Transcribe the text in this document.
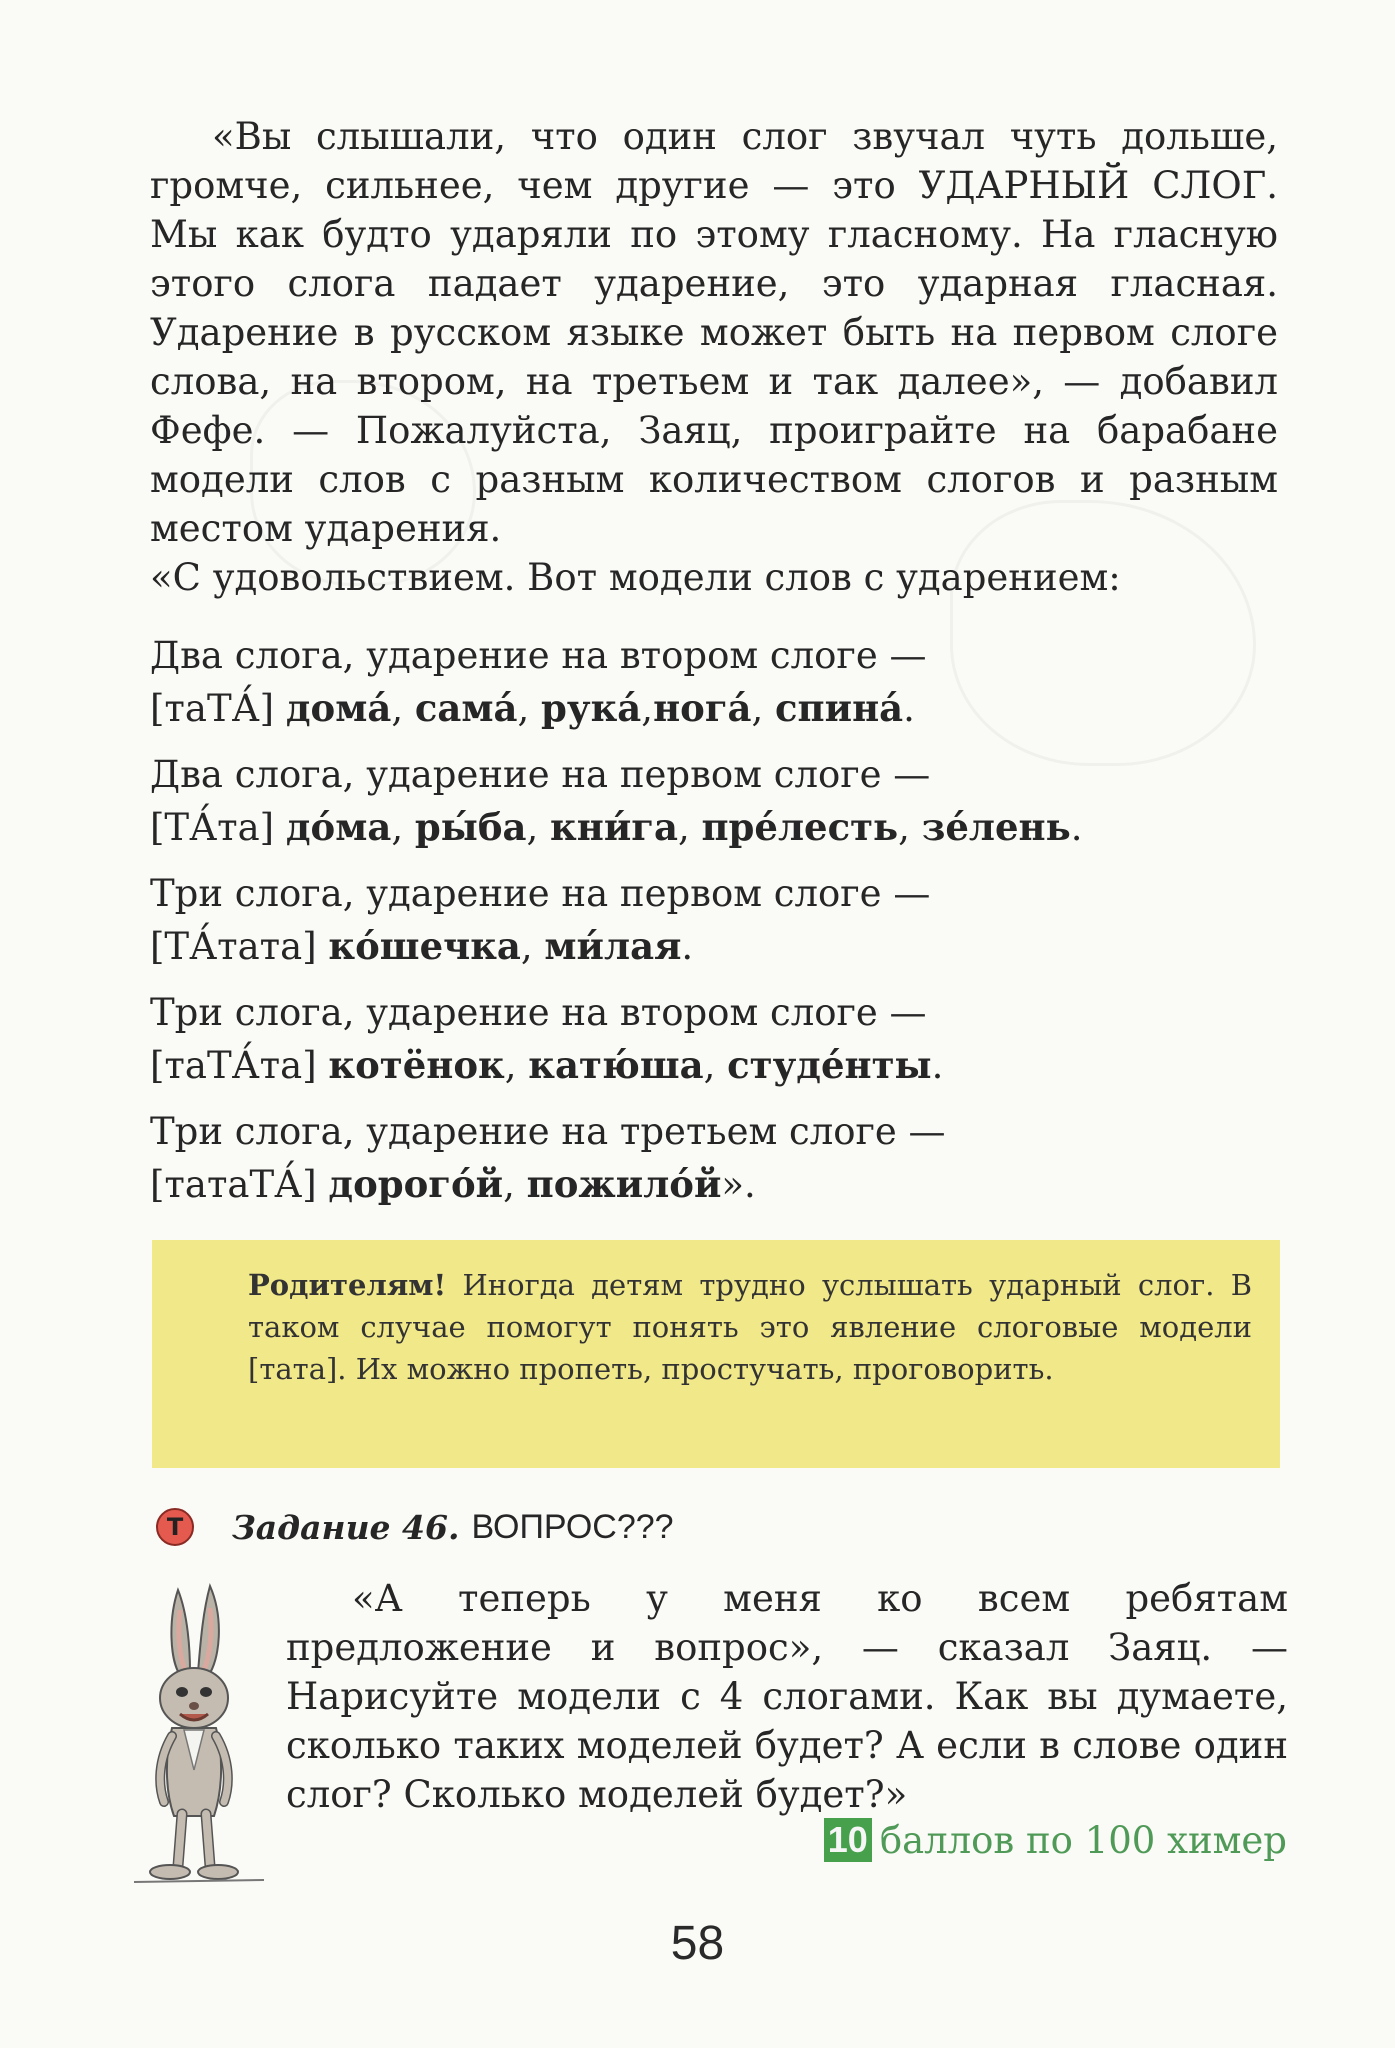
«Вы слышали, что один слог звучал чуть дольше, громче, сильнее, чем другие — это УДАРНЫЙ СЛОГ. Мы как будто ударяли по этому гласному. На гласную этого слога падает ударение, это ударная гласная. Ударение в русском языке может быть на первом слоге слова, на втором, на третьем и так далее», — добавил Фефе. — Пожалуйста, Заяц, проиграйте на барабане модели слов с разным количеством слогов и разным местом ударения.

«С удовольствием. Вот модели слов с ударением:

Два слога, ударение на втором слоге —
[таТА́] дома́, сама́, рука́,нога́, спина́.
Два слога, ударение на первом слоге —
[ТА́та] до́ма, ры́ба, кни́га, пре́лесть, зе́лень.
Три слога, ударение на первом слоге —
[ТА́тата] ко́шечка, ми́лая.
Три слога, ударение на втором слоге —
[таТА́та] котёнок, катю́ша, студе́нты.
Три слога, ударение на третьем слоге —
[татаТА́] дорого́й, пожило́й».
Родителям! Иногда детям трудно услышать ударный слог. В таком случае помогут понять это явление слоговые модели [тата]. Их можно пропеть, простучать, проговорить.
Т	Задание 46. ВОПРОС???

«А теперь у меня ко всем ребятам предложение и вопрос», — сказал Заяц. — Нарисуйте модели с 4 слогами. Как вы думаете, сколько таких моделей будет? А если в слове один слог? Сколько моделей будет?»

10 баллов по 100 химер
58
